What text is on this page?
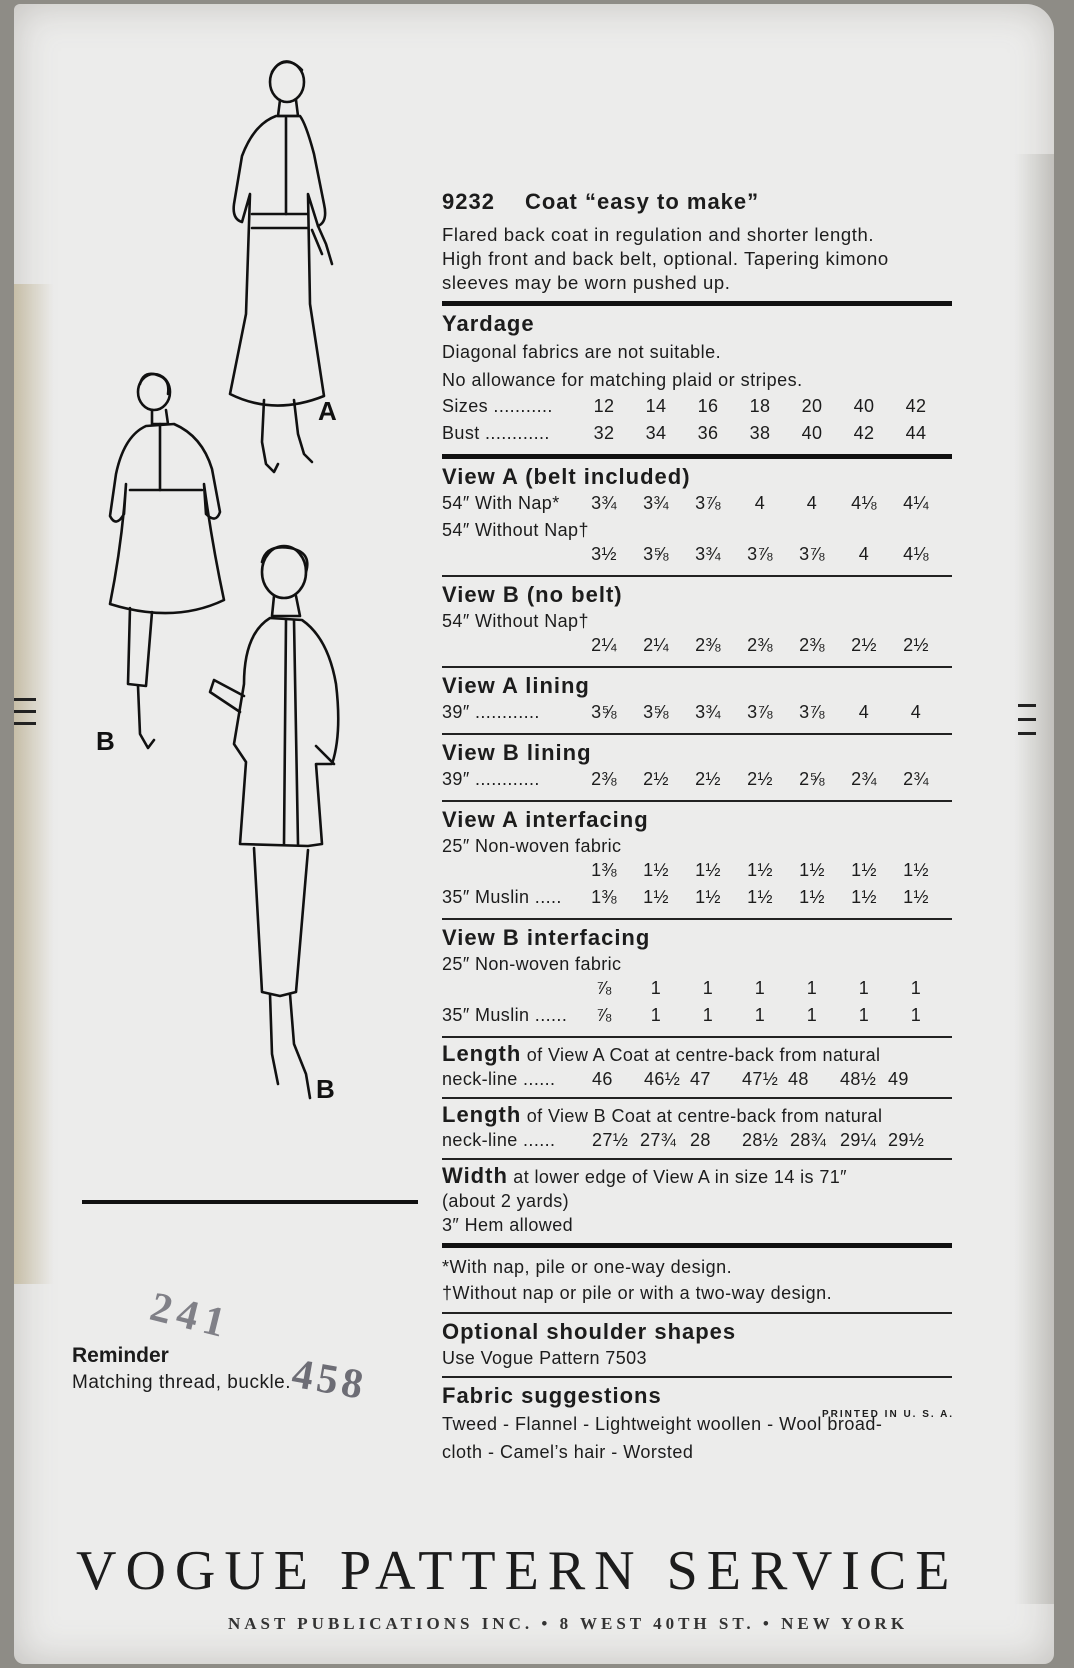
A
B
B
241
458
Reminder
Matching thread, buckle.
9232 Coat “easy to make”
Flared back coat in regulation and shorter length.
High front and back belt, optional. Tapering kimono
sleeves may be worn pushed up.
Yardage
Diagonal fabrics are not suitable.
No allowance for matching plaid or stripes.
Sizes ...........	12	14	16	18	20	40	42
Bust ............	32	34	36	38	40	42	44
View A (belt included)
54″ With Nap*	3¾	3¾	3⅞	4	4	4⅛	4¼
54″ Without Nap†
3½	3⅝	3¾	3⅞	3⅞	4	4⅛
View B (no belt)
54″ Without Nap†
2¼	2¼	2⅜	2⅜	2⅜	2½	2½
View A lining
39″ ............	3⅝	3⅝	3¾	3⅞	3⅞	4	4
View B lining
39″ ............	2⅜	2½	2½	2½	2⅝	2¾	2¾
View A interfacing
25″ Non-woven fabric
1⅜	1½	1½	1½	1½	1½	1½
35″ Muslin .....	1⅜	1½	1½	1½	1½	1½	1½
View B interfacing
25″ Non-woven fabric
⅞	1	1	1	1	1	1
35″ Muslin ......	⅞	1	1	1	1	1	1
Length of View A Coat at centre-back from natural
neck-line ...... 46 46½ 47 47½ 48 48½ 49
Length of View B Coat at centre-back from natural
neck-line ...... 27½ 27¾ 28 28½ 28¾ 29¼ 29½
Width at lower edge of View A in size 14 is 71″
(about 2 yards)
3″ Hem allowed
*With nap, pile or one-way design.
†Without nap or pile or with a two-way design.
Optional shoulder shapes
Use Vogue Pattern 7503
Fabric suggestions
Tweed - Flannel - Lightweight woollen - Wool broad-
cloth - Camel’s hair - Worsted
PRINTED IN U. S. A.
VOGUE PATTERN SERVICE
NAST PUBLICATIONS INC. • 8 WEST 40TH ST. • NEW YORK
